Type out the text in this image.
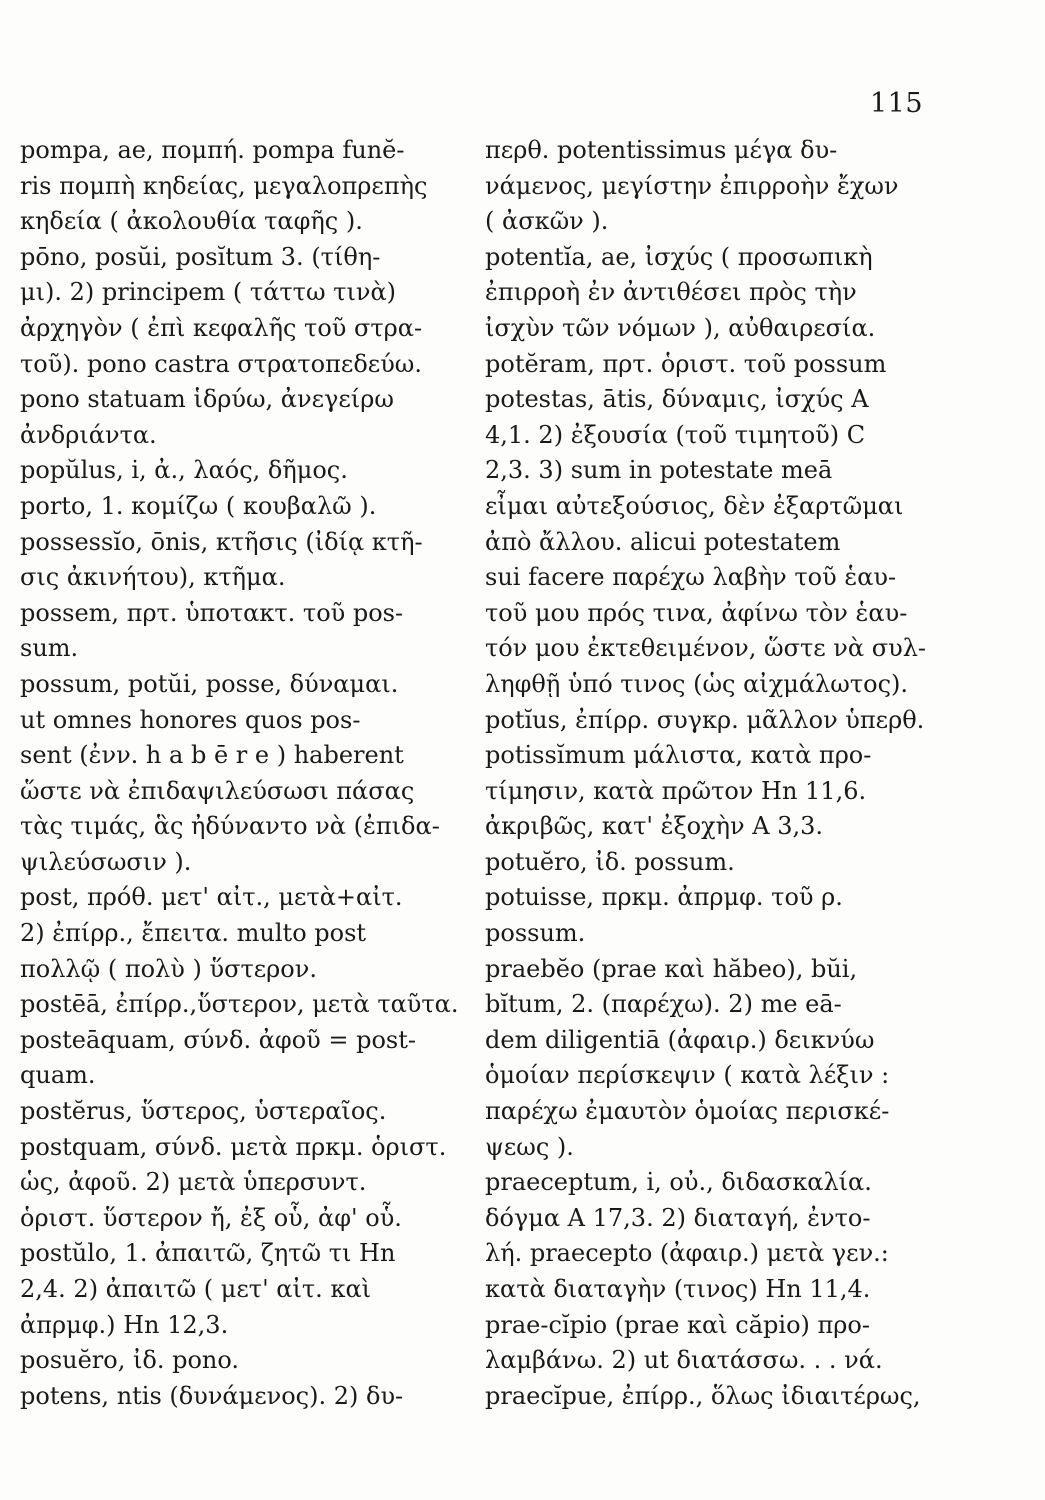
115
pompa, ae, πομπή. pompa funĕ-
ris πομπὴ κηδείας, μεγαλοπρεπὴς
κηδεία ( ἀκολουθία ταφῆς ).
pōno, posŭi, posĭtum 3. (τίθη-
μι). 2) principem ( τάττω τινὰ)
ἀρχηγὸν ( ἐπὶ κεφαλῆς τοῦ στρα-
τοῦ). pono castra στρατοπεδεύω.
pono statuam ἱδρύω, ἀνεγείρω
ἀνδριάντα.
popŭlus, i, ἀ., λαός, δῆμος.
porto, 1. κομίζω ( κουβαλῶ ).
possessĭo, ōnis, κτῆσις (ἰδίᾳ κτῆ-
σις ἀκινήτου), κτῆμα.
possem, πρτ. ὑποτακτ. τοῦ pos-
sum.
possum, potŭi, posse, δύναμαι.
ut omnes honores quos pos-
sent (ἐνν. h a b ē r e ) haberent
ὥστε νὰ ἐπιδαψιλεύσωσι πάσας
τὰς τιμάς, ἃς ἠδύναντο νὰ (ἐπιδα-
ψιλεύσωσιν ).
post, πρόθ. μετ' αἰτ., μετὰ+αἰτ.
2) ἐπίρρ., ἔπειτα. multo post
πολλῷ ( πολὺ ) ὕστερον.
postēā, ἐπίρρ.,ὕστερον, μετὰ ταῦτα.
posteāquam, σύνδ. ἀφοῦ = post-
quam.
postĕrus, ὕστερος, ὑστεραῖος.
postquam, σύνδ. μετὰ πρκμ. ὁριστ.
ὡς, ἀφοῦ. 2) μετὰ ὑπερσυντ.
ὁριστ. ὕστερον ἤ, ἐξ οὗ, ἀφ' οὗ.
postŭlo, 1. ἀπαιτῶ, ζητῶ τι Hn
2,4. 2) ἀπαιτῶ ( μετ' αἰτ. καὶ
ἀπρμφ.) Hn 12,3.
posuĕro, ἰδ. pono.
potens, ntis (δυνάμενος). 2) δυ-
περθ. potentissimus μέγα δυ-
νάμενος, μεγίστην ἐπιρροὴν ἔχων
( ἀσκῶν ).
potentĭa, ae, ἰσχύς ( προσωπικὴ
ἐπιρροὴ ἐν ἀντιθέσει πρὸς τὴν
ἰσχὺν τῶν νόμων ), αὐθαιρεσία.
potĕram, πρτ. ὁριστ. τοῦ possum
potestas, ātis, δύναμις, ἰσχύς A
4,1. 2) ἐξουσία (τοῦ τιμητοῦ) C
2,3. 3) sum in potestate meā
εἶμαι αὐτεξούσιος, δὲν ἐξαρτῶμαι
ἀπὸ ἄλλου. alicui potestatem
sui facere παρέχω λαβὴν τοῦ ἑαυ-
τοῦ μου πρός τινα, ἀφίνω τὸν ἑαυ-
τόν μου ἐκτεθειμένον, ὥστε νὰ συλ-
ληφθῇ ὑπό τινος (ὡς αἰχμάλωτος).
potĭus, ἐπίρρ. συγκρ. μᾶλλον ὑπερθ.
potissĭmum μάλιστα, κατὰ προ-
τίμησιν, κατὰ πρῶτον Hn 11,6.
ἀκριβῶς, κατ' ἐξοχὴν A 3,3.
potuĕro, ἰδ. possum.
potuisse, πρκμ. ἀπρμφ. τοῦ ρ.
possum.
praebĕo (prae καὶ hăbeo), bŭi,
bĭtum, 2. (παρέχω). 2) me eā-
dem diligentiā (ἀφαιρ.) δεικνύω
ὁμοίαν περίσκεψιν ( κατὰ λέξιν :
παρέχω ἐμαυτὸν ὁμοίας περισκέ-
ψεως ).
praeceptum, i, οὐ., διδασκαλία.
δόγμα A 17,3. 2) διαταγή, ἐντο-
λή. praecepto (ἀφαιρ.) μετὰ γεν.:
κατὰ διαταγὴν (τινος) Hn 11,4.
prae-cĭpio (prae καὶ căpio) προ-
λαμβάνω. 2) ut διατάσσω. . . νά.
praecĭpue, ἐπίρρ., ὅλως ἰδιαιτέρως,
